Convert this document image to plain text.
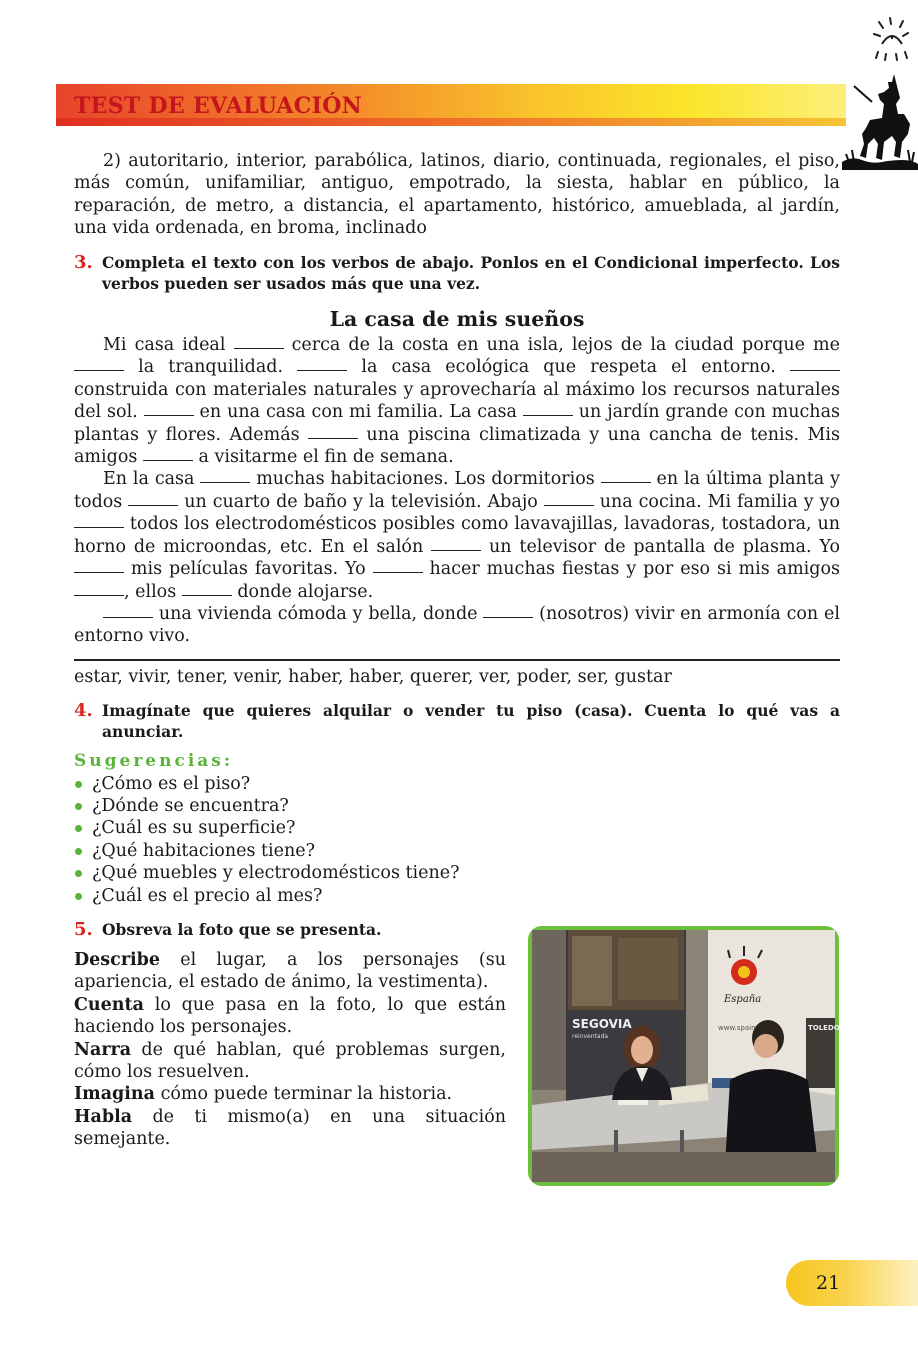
TEST DE EVALUACIÓN

2) autoritario, interior, parabólica, latinos, diario, continuada, regionales, el piso, más común, unifamiliar, antiguo, empotrado, la siesta, hablar en público, la reparación, de metro, a distancia, el apartamento, histórico, amueblada, al jardín, una vida ordenada, en broma, inclinado

3. Completa el texto con los verbos de abajo. Ponlos en el Condicional imperfecto. Los verbos pueden ser usados más que una vez.
La casa de mis sueños

Mi casa ideal	cerca de la costa en una isla, lejos de la ciudad porque me  la tranquilidad.	la casa ecológica que respeta el entorno.  construida con materiales naturales y aprovecharía al máximo los recursos naturales del sol.	en una casa con mi familia. La casa	un jardín grande con muchas plantas y flores. Además	una piscina climatizada y una cancha de tenis. Mis amigos	a visitarme el fin de semana.

En la casa	muchas habitaciones. Los dormitorios	en la última planta y todos	un cuarto de baño y la televisión. Abajo	una cocina. Mi familia y yo  todos los electrodomésticos posibles como lavavajillas, lavadoras, tostadora, un horno de microondas, etc. En el salón	un televisor de pantalla de plasma. Yo  mis películas favoritas. Yo	hacer muchas fiestas y por eso si mis amigos , ellos	donde alojarse.

una vivienda cómoda y bella, donde	(nosotros) vivir en armonía con el entorno vivo.

estar, vivir, tener, venir, haber, haber, querer, ver, poder, ser, gustar

4. Imagínate que quieres alquilar o vender tu piso (casa). Cuenta lo qué vas a anunciar.
Sugerencias:
¿Cómo es el piso?
¿Dónde se encuentra?
¿Cuál es su superficie?
¿Qué habitaciones tiene?
¿Qué muebles y electrodomésticos tiene?
¿Cuál es el precio al mes?
5. Obsreva la foto que se presenta.

Describe el lugar, a los personajes (su apariencia, el estado de ánimo, la vestimenta).

Cuenta lo que pasa en la foto, lo que están haciendo los personajes.

Narra de qué hablan, qué problemas surgen, cómo los resuelven.

Imagina cómo puede terminar la historia.

Habla de ti mismo(a) en una situación semejante.

SEGOVIA
reinventada
España
www.spain	TOLEDO
21
